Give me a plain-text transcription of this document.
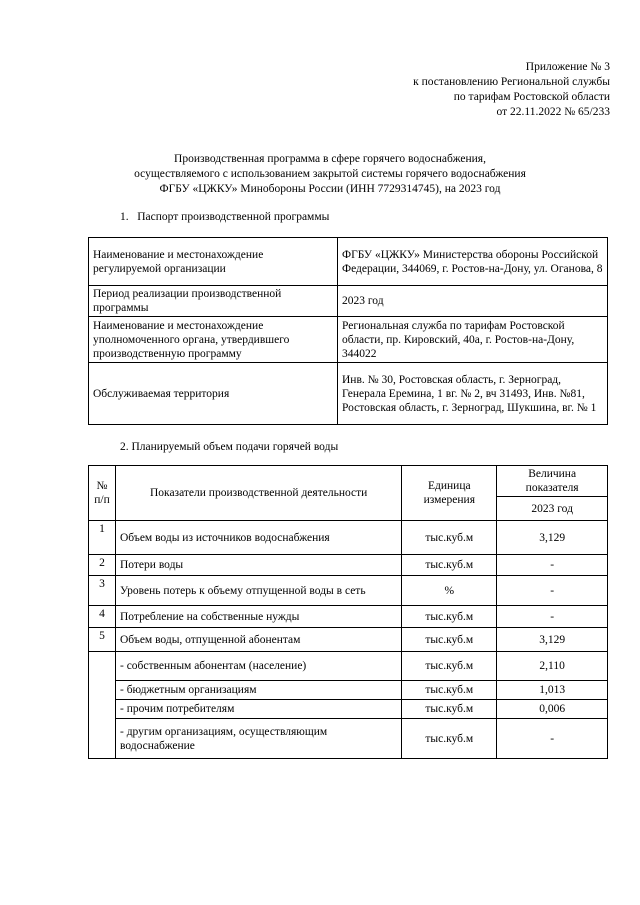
Приложение № 3
к постановлению Региональной службы
по тарифам Ростовской области
от 22.11.2022 № 65/233
Производственная программа в сфере горячего водоснабжения,
осуществляемого с использованием закрытой системы горячего водоснабжения
ФГБУ «ЦЖКУ» Минобороны России (ИНН 7729314745), на 2023 год
1.   Паспорт производственной программы
Наименование и местонахождение регулируемой организации	ФГБУ «ЦЖКУ» Министерства обороны Российской Федерации, 344069, г. Ростов-на-Дону, ул. Оганова, 8
Период реализации производственной программы	2023 год
Наименование и местонахождение уполномоченного органа, утвердившего производственную программу	Региональная служба по тарифам Ростовской области, пр. Кировский, 40а, г. Ростов-на-Дону, 344022
Обслуживаемая территория	Инв. № 30, Ростовская область, г. Зерноград, Генерала Еремина, 1 вг. № 2, вч 31493, Инв. №81, Ростовская область, г. Зерноград, Шукшина, вг. № 1
2. Планируемый объем подачи горячей воды
№ п/п	Показатели производственной деятельности	Единица измерения	Величина показателя
			2023 год
1	Объем воды из источников водоснабжения	тыс.куб.м	3,129
2	Потери воды	тыс.куб.м	-
3	Уровень потерь к объему отпущенной воды в сеть	%	-
4	Потребление на собственные нужды	тыс.куб.м	-
5	Объем воды, отпущенной абонентам	тыс.куб.м	3,129
	- собственным абонентам (население)	тыс.куб.м	2,110
	- бюджетным организациям	тыс.куб.м	1,013
	- прочим потребителям	тыс.куб.м	0,006
	- другим организациям, осуществляющим водоснабжение	тыс.куб.м	-
